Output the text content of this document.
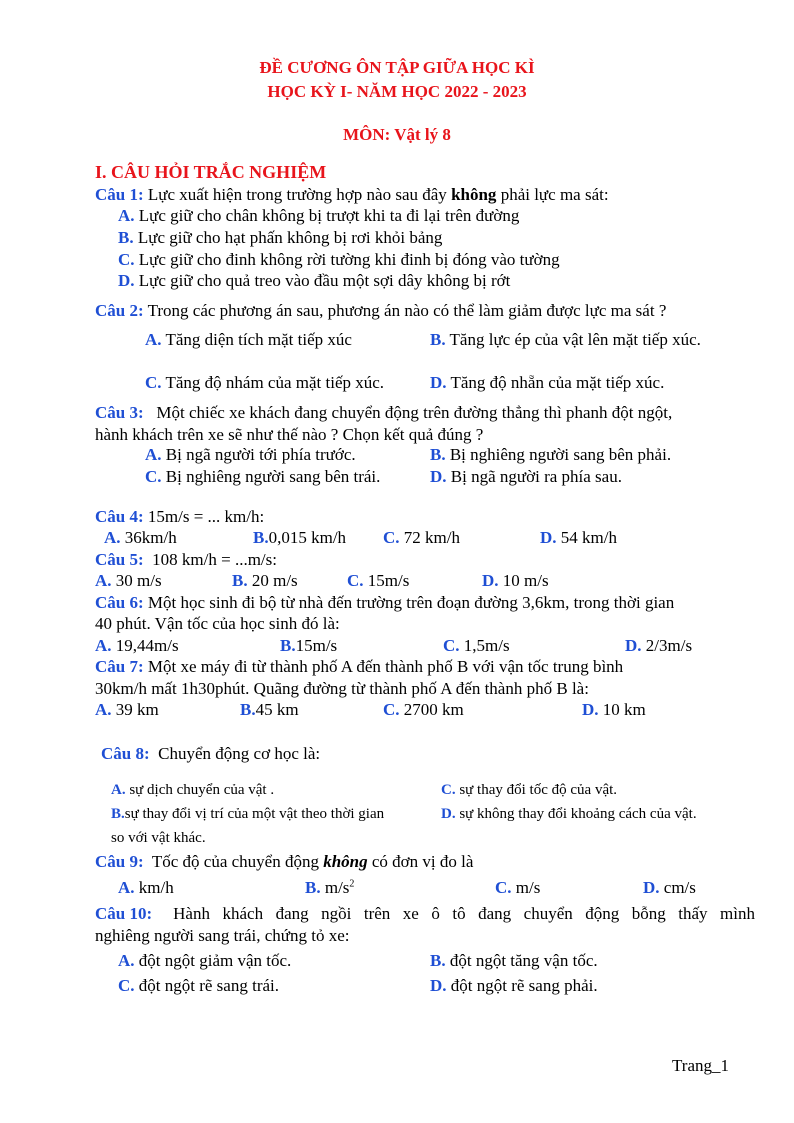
ĐỀ CƯƠNG ÔN TẬP GIỮA HỌC KÌ
HỌC KỲ I- NĂM HỌC 2022 - 2023
MÔN: Vật lý 8
I. CÂU HỎI TRẮC NGHIỆM
Câu 1: Lực xuất hiện trong trường hợp nào sau đây không phải lực ma sát:
A. Lực giữ cho chân không bị trượt khi ta đi lại trên đường
B. Lực giữ cho hạt phấn không bị rơi khỏi bảng
C. Lực giữ cho đinh không rời tường khi đinh bị đóng vào tường
D. Lực giữ cho quả treo vào đầu một sợi dây không bị rớt
Câu 2: Trong các phương án sau, phương án nào có thể làm giảm được lực ma sát ?
A. Tăng diện tích mặt tiếp xúc	B. Tăng lực ép của vật lên mặt tiếp xúc.
C. Tăng độ nhám của mặt tiếp xúc.	D. Tăng độ nhẵn của mặt tiếp xúc.
Câu 3:   Một chiếc xe khách đang chuyển động trên đường thẳng thì phanh đột ngột,
hành khách trên xe sẽ như thế nào ? Chọn kết quả đúng ?
A. Bị ngã người tới phía trước.	B. Bị nghiêng người sang bên phải.
C. Bị nghiêng người sang bên trái.	D. Bị ngã người ra phía sau.
Câu 4: 15m/s = ... km/h:
A. 36km/h	B.0,015 km/h C. 72 km/h	D. 54 km/h
Câu 5:  108 km/h = ...m/s:
A. 30 m/s	B. 20 m/s	C. 15m/s	D. 10 m/s
Câu 6: Một học sinh đi bộ từ nhà đến trường trên đoạn đường 3,6km, trong thời gian
40 phút. Vận tốc của học sinh đó là:
A. 19,44m/s	B.15m/s	C. 1,5m/s	D. 2/3m/s
Câu 7: Một xe máy đi từ thành phố A đến thành phố B với vận tốc trung bình
30km/h mất 1h30phút. Quãng đường từ thành phố A đến thành phố B là:
A. 39 km	B.45 km	C. 2700 km	D. 10 km
Câu 8:  Chuyển động cơ học là:
A. sự dịch chuyển của vật .	C. sự thay đổi tốc độ của vật.
B.sự thay đổi vị trí của một vật theo thời gian	D. sự không thay đổi khoảng cách của vật.
so với vật khác.
Câu 9:  Tốc độ của chuyển động không có đơn vị đo là
A. km/h	B. $m/s^2$	C. m/s	D. cm/s
Câu 10: Hành khách đang ngồi trên xe ô tô đang chuyển động bỗng thấy mình
nghiêng người sang trái, chứng tỏ xe:
A. đột ngột giảm vận tốc.	B. đột ngột tăng vận tốc.
C. đột ngột rẽ sang trái.	D. đột ngột rẽ sang phải.
Trang_1
